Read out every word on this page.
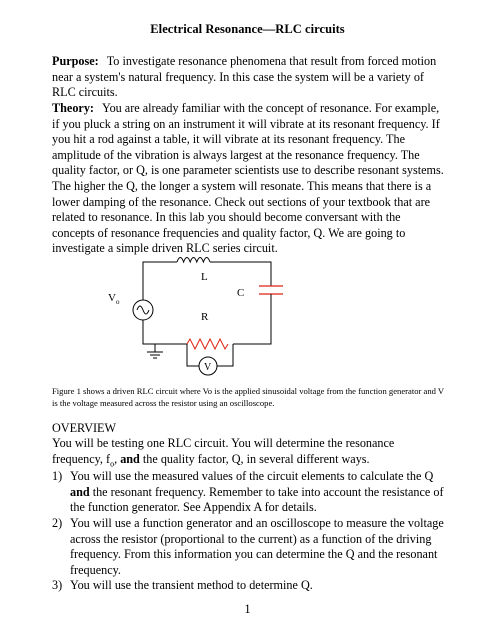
Electrical Resonance—RLC circuits

Purpose: To investigate resonance phenomena that result from forced motion near a system's natural frequency. In this case the system will be a variety of RLC circuits.

Theory: You are already familiar with the concept of resonance. For example, if you pluck a string on an instrument it will vibrate at its resonant frequency. If you hit a rod against a table, it will vibrate at its resonant frequency. The amplitude of the vibration is always largest at the resonance frequency. The quality factor, or Q, is one parameter scientists use to describe resonant systems. The higher the Q, the longer a system will resonate. This means that there is a lower damping of the resonance. Check out sections of your textbook that are related to resonance. In this lab you should become conversant with the concepts of resonance frequencies and quality factor, Q. We are going to investigate a simple driven RLC series circuit.

L
C
R
V o
V

Figure 1 shows a driven RLC circuit where Vo is the applied sinusoidal voltage from the function generator and V is the voltage measured across the resistor using an oscilloscope.

OVERVIEW

You will be testing one RLC circuit. You will determine the resonance frequency, $f_o$, and the quality factor, Q, in several different ways.

1) You will use the measured values of the circuit elements to calculate the Q and the resonant frequency. Remember to take into account the resistance of the function generator. See Appendix A for details.
2) You will use a function generator and an oscilloscope to measure the voltage across the resistor (proportional to the current) as a function of the driving frequency. From this information you can determine the Q and the resonant frequency.
3) You will use the transient method to determine Q.
1
